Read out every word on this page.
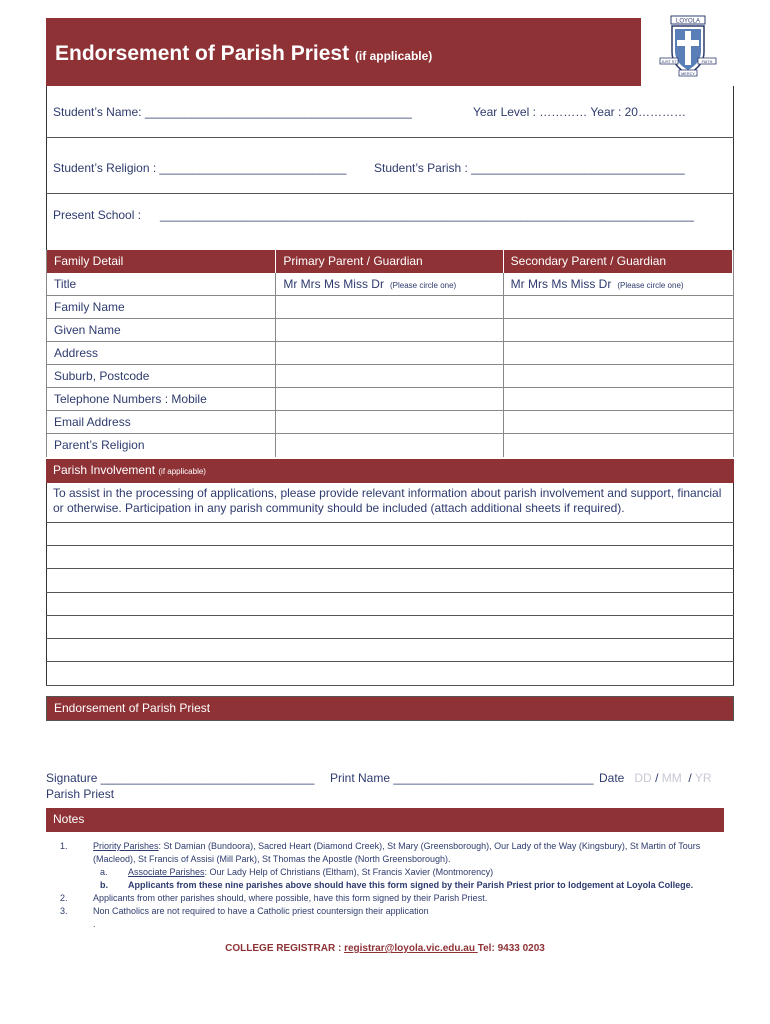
Endorsement of Parish Priest (if applicable)
LOYOLA
JUST ST	FAITH
MERCY
Student’s Name: ________________________________________	Year Level : ………… Year : 20…………
Student’s Religion : ____________________________ Student’s Parish : ________________________________
Present School : ________________________________________________________________________________
Family Detail	Primary Parent / Guardian	Secondary Parent / Guardian
Title	Mr Mrs Ms Miss Dr (Please circle one)	Mr Mrs Ms Miss Dr (Please circle one)
Family Name
Given Name
Address
Suburb, Postcode
Telephone Numbers : Mobile
Email Address
Parent’s Religion
Parish Involvement (if applicable)
To assist in the processing of applications, please provide relevant information about parish involvement and support, financial or otherwise. Participation in any parish community should be included (attach additional sheets if required).
Endorsement of Parish Priest
Signature ________________________________
Parish Priest
Print Name ______________________________ Date DD / MM / YR
Notes
1.	Priority Parishes: St Damian (Bundoora), Sacred Heart (Diamond Creek), St Mary (Greensborough), Our Lady of the Way (Kingsbury), St Martin of Tours (Macleod), St Francis of Assisi (Mill Park), St Thomas the Apostle (North Greensborough).
a.	Associate Parishes: Our Lady Help of Christians (Eltham), St Francis Xavier (Montmorency)
b.	Applicants from these nine parishes above should have this form signed by their Parish Priest prior to lodgement at Loyola College.
2.	Applicants from other parishes should, where possible, have this form signed by their Parish Priest.
3.	Non Catholics are not required to have a Catholic priest countersign their application
.
COLLEGE REGISTRAR : registrar@loyola.vic.edu.au Tel: 9433 0203
